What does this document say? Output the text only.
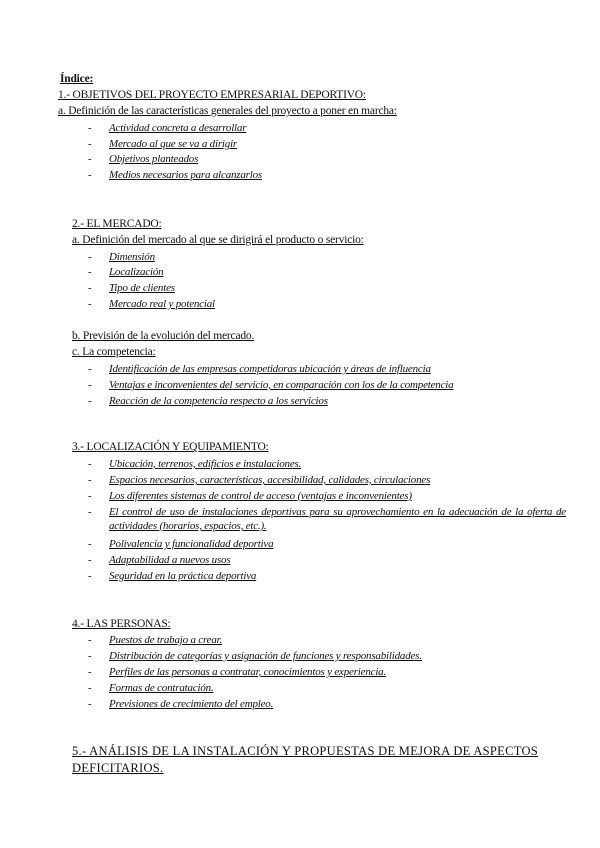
Índice:
1.- OBJETIVOS DEL PROYECTO EMPRESARIAL DEPORTIVO:
a. Definición de las características generales del proyecto a poner en marcha:
- Actividad concreta a desarrollar
- Mercado al que se va a dirigir
- Objetivos planteados
- Medios necesarios para alcanzarlos
2.- EL MERCADO:
a. Definición del mercado al que se dirigirá el producto o servicio:
- Dimensión
- Localización
- Tipo de clientes
- Mercado real y potencial
b. Previsión de la evolución del mercado.
c. La competencia:
- Identificación de las empresas competidoras ubicación y áreas de influencia
- Ventajas e inconvenientes del servicio, en comparación con los de la competencia
- Reacción de la competencia respecto a los servicios
3.- LOCALIZACIÓN Y EQUIPAMIENTO:
- Ubicación, terrenos, edificios e instalaciones.
- Espacios necesarios, características, accesibilidad, calidades, circulaciones
- Los diferentes sistemas de control de acceso (ventajas e inconvenientes)
- El control de uso de instalaciones deportivas para su aprovechamiento en la adecuación de la oferta de actividades (horarios, espacios, etc.).
- Polivalencia y funcionalidad deportiva
- Adaptabilidad a nuevos usos
- Seguridad en la práctica deportiva
4.- LAS PERSONAS:
- Puestos de trabajo a crear.
- Distribución de categorías y asignación de funciones y responsabilidades.
- Perfiles de las personas a contratar, conocimientos y experiencia.
- Formas de contratación.
- Previsiones de crecimiento del empleo.
5.- ANÁLISIS DE LA INSTALACIÓN Y PROPUESTAS DE MEJORA DE ASPECTOS
DEFICITARIOS.
